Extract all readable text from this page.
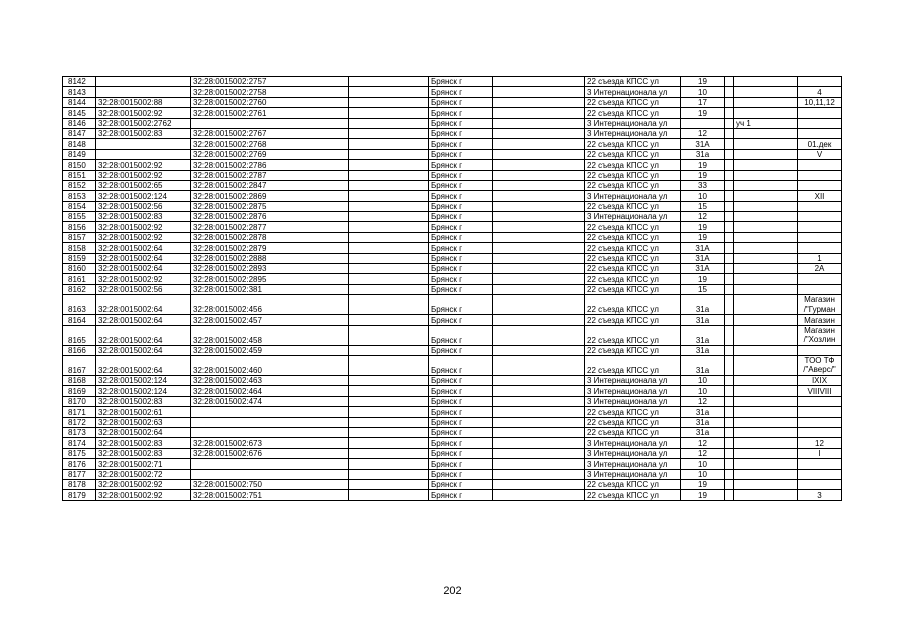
8142		32:28:0015002:2757		Брянск г		22 съезда КПСС ул	19			
8143		32:28:0015002:2758		Брянск г		3 Интернационала ул	10			4
8144	32:28:0015002:88	32:28:0015002:2760		Брянск г		22 съезда КПСС ул	17			10,11,12
8145	32:28:0015002:92	32:28:0015002:2761		Брянск г		22 съезда КПСС ул	19			
8146	32:28:0015002:2762			Брянск г		3 Интернационала ул			уч 1	
8147	32:28:0015002:83	32:28:0015002:2767		Брянск г		3 Интернационала ул	12			
8148		32:28:0015002:2768		Брянск г		22 съезда КПСС ул	31А			01.дек
8149		32:28:0015002:2769		Брянск г		22 съезда КПСС ул	31а			V
8150	32:28:0015002:92	32:28:0015002:2786		Брянск г		22 съезда КПСС ул	19			
8151	32:28:0015002:92	32:28:0015002:2787		Брянск г		22 съезда КПСС ул	19			
8152	32:28:0015002:65	32:28:0015002:2847		Брянск г		22 съезда КПСС ул	33			
8153	32:28:0015002:124	32:28:0015002:2869		Брянск г		3 Интернационала ул	10			XII
8154	32:28:0015002:56	32:28:0015002:2875		Брянск г		22 съезда КПСС ул	15			
8155	32:28:0015002:83	32:28:0015002:2876		Брянск г		3 Интернационала ул	12			
8156	32:28:0015002:92	32:28:0015002:2877		Брянск г		22 съезда КПСС ул	19			
8157	32:28:0015002:92	32:28:0015002:2878		Брянск г		22 съезда КПСС ул	19			
8158	32:28:0015002:64	32:28:0015002:2879		Брянск г		22 съезда КПСС ул	31А			
8159	32:28:0015002:64	32:28:0015002:2888		Брянск г		22 съезда КПСС ул	31А			1
8160	32:28:0015002:64	32:28:0015002:2893		Брянск г		22 съезда КПСС ул	31А			2А
8161	32:28:0015002:92	32:28:0015002:2895		Брянск г		22 съезда КПСС ул	19			
8162	32:28:0015002:56	32:28:0015002:381		Брянск г		22 съезда КПСС ул	15			
8163	32:28:0015002:64	32:28:0015002:456		Брянск г		22 съезда КПСС ул	31а			Магазин /"Гурман
8164	32:28:0015002:64	32:28:0015002:457		Брянск г		22 съезда КПСС ул	31а			Магазин
8165	32:28:0015002:64	32:28:0015002:458		Брянск г		22 съезда КПСС ул	31а			Магазин /"Хозлин
8166	32:28:0015002:64	32:28:0015002:459		Брянск г		22 съезда КПСС ул	31а			
8167	32:28:0015002:64	32:28:0015002:460		Брянск г		22 съезда КПСС ул	31а			ТОО ТФ /"Аверс/"
8168	32:28:0015002:124	32:28:0015002:463		Брянск г		3 Интернационала ул	10			IXIX
8169	32:28:0015002:124	32:28:0015002:464		Брянск г		3 Интернационала ул	10			VIIIVIII
8170	32:28:0015002:83	32:28:0015002:474		Брянск г		3 Интернационала ул	12			
8171	32:28:0015002:61			Брянск г		22 съезда КПСС ул	31а			
8172	32:28:0015002:63			Брянск г		22 съезда КПСС ул	31а			
8173	32:28:0015002:64			Брянск г		22 съезда КПСС ул	31а			
8174	32:28:0015002:83	32:28:0015002:673		Брянск г		3 Интернационала ул	12			12
8175	32:28:0015002:83	32:28:0015002:676		Брянск г		3 Интернационала ул	12			I
8176	32:28:0015002:71			Брянск г		3 Интернационала ул	10			
8177	32:28:0015002:72			Брянск г		3 Интернационала ул	10			
8178	32:28:0015002:92	32:28:0015002:750		Брянск г		22 съезда КПСС ул	19			
8179	32:28:0015002:92	32:28:0015002:751		Брянск г		22 съезда КПСС ул	19			3
202
